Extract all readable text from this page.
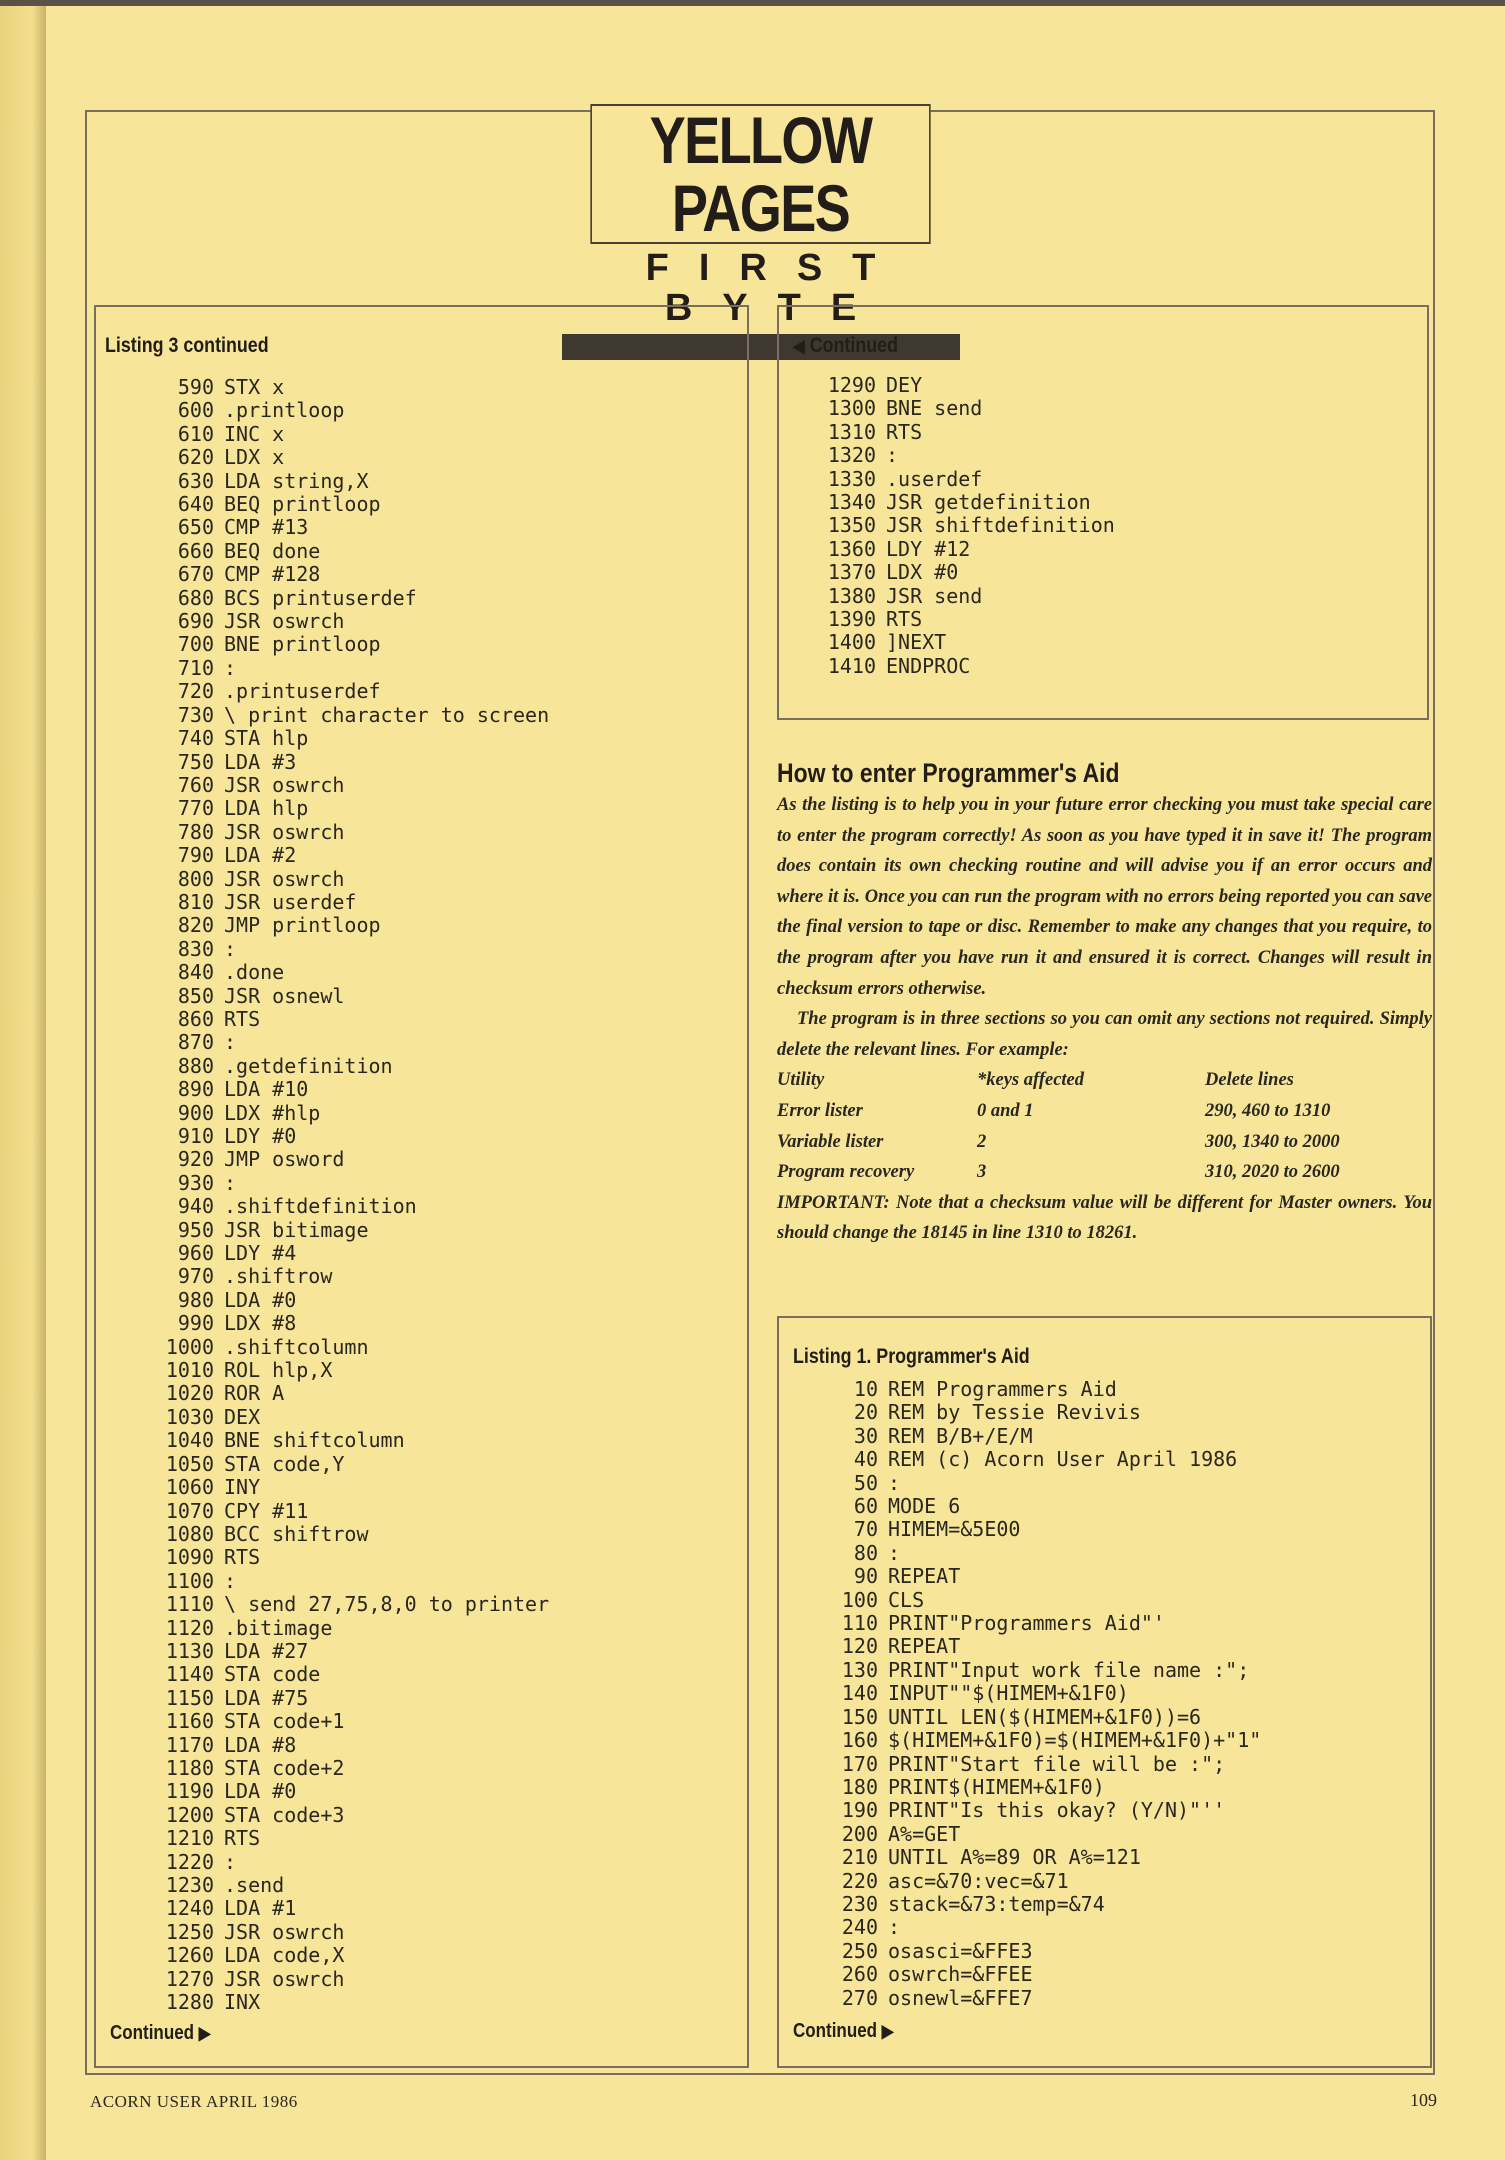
YELLOW PAGES
FIRST BYTE
Listing 3 continued
590 STX x
600 .printloop
610 INC x
620 LDX x
630 LDA string,X
640 BEQ printloop
650 CMP #13
660 BEQ done
670 CMP #128
680 BCS printuserdef
690 JSR oswrch
700 BNE printloop
710 :
720 .printuserdef
730 \ print character to screen
740 STA hlp
750 LDA #3
760 JSR oswrch
770 LDA hlp
780 JSR oswrch
790 LDA #2
800 JSR oswrch
810 JSR userdef
820 JMP printloop
830 :
840 .done
850 JSR osnewl
860 RTS
870 :
880 .getdefinition
890 LDA #10
900 LDX #hlp
910 LDY #0
920 JMP osword
930 :
940 .shiftdefinition
950 JSR bitimage
960 LDY #4
970 .shiftrow
980 LDA #0
990 LDX #8
1000 .shiftcolumn
1010 ROL hlp,X
1020 ROR A
1030 DEX
1040 BNE shiftcolumn
1050 STA code,Y
1060 INY
1070 CPY #11
1080 BCC shiftrow
1090 RTS
1100 :
1110 \ send 27,75,8,0 to printer
1120 .bitimage
1130 LDA #27
1140 STA code
1150 LDA #75
1160 STA code+1
1170 LDA #8
1180 STA code+2
1190 LDA #0
1200 STA code+3
1210 RTS
1220 :
1230 .send
1240 LDA #1
1250 JSR oswrch
1260 LDA code,X
1270 JSR oswrch
1280 INX
Continued ▶
◀ Continued
1290 DEY
1300 BNE send
1310 RTS
1320 :
1330 .userdef
1340 JSR getdefinition
1350 JSR shiftdefinition
1360 LDY #12
1370 LDX #0
1380 JSR send
1390 RTS
1400 ]NEXT
1410 ENDPROC
How to enter Programmer's Aid

As the listing is to help you in your future error checking you must take special care to enter the program correctly! As soon as you have typed it in save it! The program does contain its own checking routine and will advise you if an error occurs and where it is. Once you can run the program with no errors being reported you can save the final version to tape or disc. Remember to make any changes that you require, to the program after you have run it and ensured it is correct. Changes will result in checksum errors otherwise.

The program is in three sections so you can omit any sections not required. Simply delete the relevant lines. For example:

Utility	*keys affected	Delete lines
Error lister	0 and 1	290, 460 to 1310
Variable lister	2	300, 1340 to 2000
Program recovery	3	310, 2020 to 2600

IMPORTANT: Note that a checksum value will be different for Master owners. You should change the 18145 in line 1310 to 18261.

Listing 1. Programmer's Aid
10 REM Programmers Aid
20 REM by Tessie Revivis
30 REM B/B+/E/M
40 REM (c) Acorn User April 1986
50 :
60 MODE 6
70 HIMEM=&5E00
80 :
90 REPEAT
100 CLS
110 PRINT"Programmers Aid"'
120 REPEAT
130 PRINT"Input work file name :";
140 INPUT""$(HIMEM+&1F0)
150 UNTIL LEN($(HIMEM+&1F0))=6
160 $(HIMEM+&1F0)=$(HIMEM+&1F0)+"1"
170 PRINT"Start file will be :";
180 PRINT$(HIMEM+&1F0)
190 PRINT"Is this okay? (Y/N)"''
200 A%=GET
210 UNTIL A%=89 OR A%=121
220 asc=&70:vec=&71
230 stack=&73:temp=&74
240 :
250 osasci=&FFE3
260 oswrch=&FFEE
270 osnewl=&FFE7
Continued ▶
ACORN USER APRIL 1986	109
